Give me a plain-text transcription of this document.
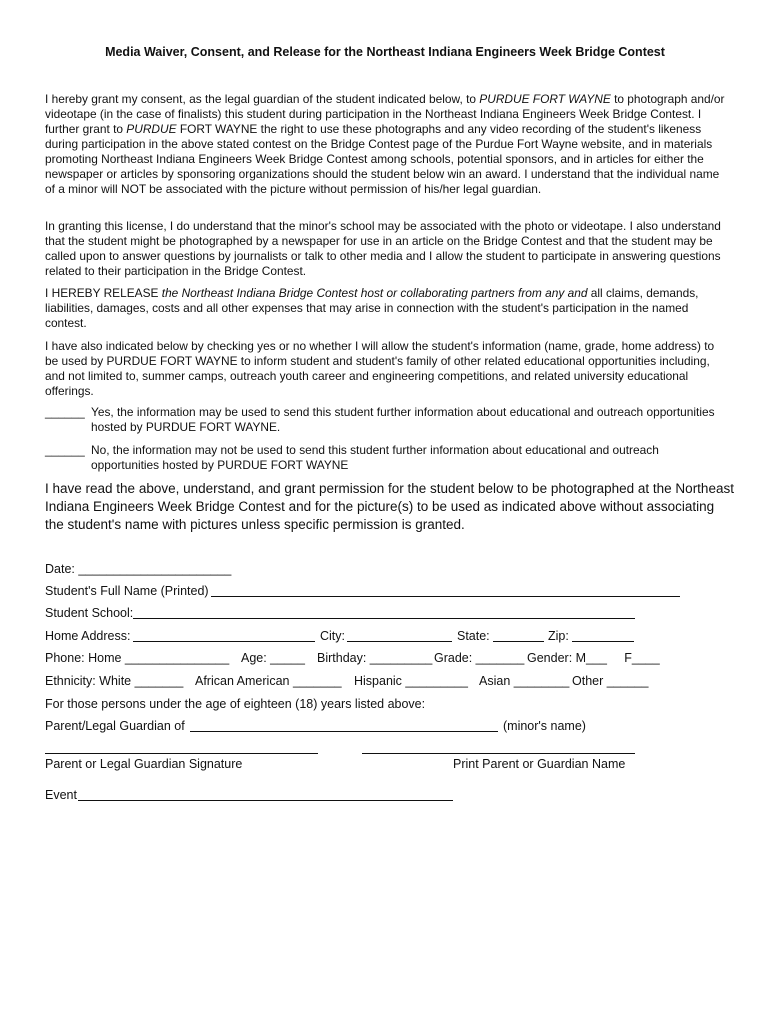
Media Waiver, Consent, and Release for the Northeast Indiana Engineers Week Bridge Contest
I hereby grant my consent, as the legal guardian of the student indicated below, to PURDUE FORT WAYNE to photograph and/or videotape (in the case of finalists) this student during participation in the Northeast Indiana Engineers Week Bridge Contest. I further grant to PURDUE FORT WAYNE the right to use these photographs and any video recording of the student's likeness during participation in the above stated contest on the Bridge Contest page of the Purdue Fort Wayne website, and in materials promoting Northeast Indiana Engineers Week Bridge Contest among schools, potential sponsors, and in articles for either the newspaper or articles by sponsoring organizations should the student below win an award. I understand that the individual name of a minor will NOT be associated with the picture without permission of his/her legal guardian.
In granting this license, I do understand that the minor's school may be associated with the photo or videotape. I also understand that the student might be photographed by a newspaper for use in an article on the Bridge Contest and that the student may be called upon to answer questions by journalists or talk to other media and I allow the student to participate in answering questions related to their participation in the Bridge Contest.
I HEREBY RELEASE the Northeast Indiana Bridge Contest host or collaborating partners from any and all claims, demands, liabilities, damages, costs and all other expenses that may arise in connection with the student's participation in the named contest.
I have also indicated below by checking yes or no whether I will allow the student's information (name, grade, home address) to be used by PURDUE FORT WAYNE to inform student and student's family of other related educational opportunities including, and not limited to, summer camps, outreach youth career and engineering competitions, and related university educational offerings.
______ Yes, the information may be used to send this student further information about educational and outreach opportunities hosted by PURDUE FORT WAYNE.
______ No, the information may not be used to send this student further information about educational and outreach opportunities hosted by PURDUE FORT WAYNE
I have read the above, understand, and grant permission for the student below to be photographed at the Northeast Indiana Engineers Week Bridge Contest and for the picture(s) to be used as indicated above without associating the student's name with pictures unless specific permission is granted.
Date: ______________________
Student's Full Name (Printed)
Student School:
Home Address:	City:	State:	Zip:
Phone: Home _______________ Age: _____ Birthday: _________ Grade: _______ Gender: M___     F____
Ethnicity: White _______ African American _______ Hispanic _________ Asian ________ Other ______
For those persons under the age of eighteen (18) years listed above:
Parent/Legal Guardian of	(minor's name)
Parent or Legal Guardian Signature	Print Parent or Guardian Name
Event
